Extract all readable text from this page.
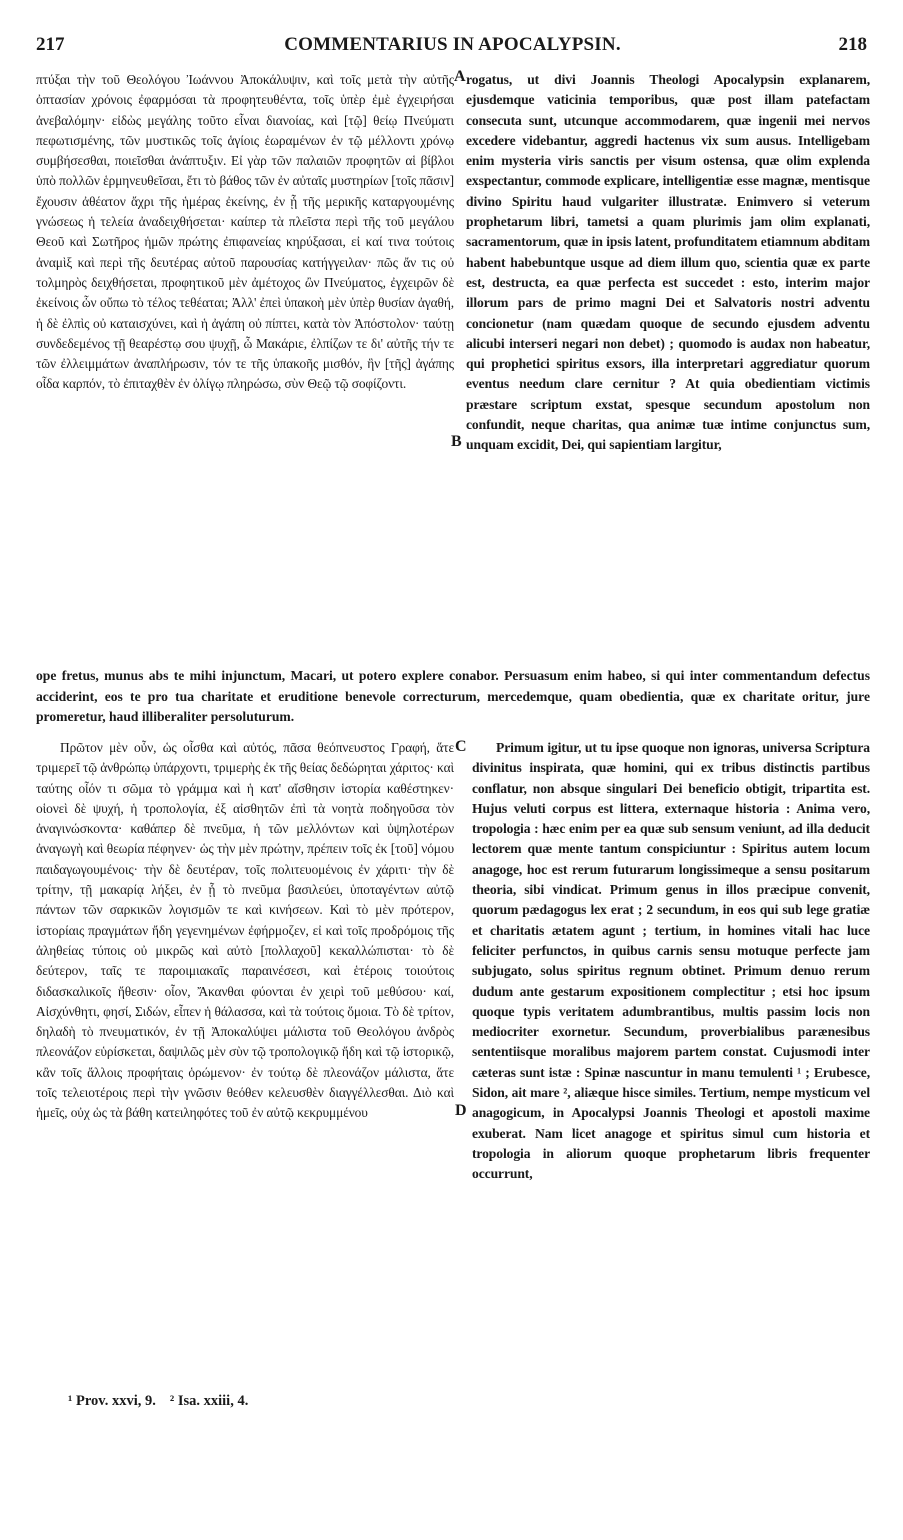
217	COMMENTARIUS IN APOCALYPSIN.	218
πτύξαι τὴν τοῦ Θεολόγου Ἰωάννου Ἀποκάλυψιν, καὶ τοῖς μετὰ τὴν αὐτῆς ὀπτασίαν χρόνοις ἐφαρμόσαι τὰ προφητευθέντα, τοῖς ὑπὲρ ἐμὲ ἐγχειρήσαι ἀνεβαλόμην· εἰδὼς μεγάλης τοῦτο εἶναι διανοίας, καὶ [τῷ] θείῳ Πνεύματι πεφωτισμένης, τῶν μυστικῶς τοῖς ἁγίοις ἑωραμένων ἐν τῷ μέλλοντι χρόνῳ συμβήσεσθαι, ποιεῖσθαι ἀνάπτυξιν. Εἰ γὰρ τῶν παλαιῶν προφητῶν αἱ βίβλοι ὑπὸ πολλῶν ἑρμηνευθεῖσαι, ἔτι τὸ βάθος τῶν ἐν αὐταῖς μυστηρίων [τοῖς πᾶσιν] ἔχουσιν ἀθέατον ἄχρι τῆς ἡμέρας ἐκείνης, ἐν ᾗ τῆς μερικῆς καταργουμένης γνώσεως ἡ τελεία ἀναδειχθήσεται· καίπερ τὰ πλεῖστα περὶ τῆς τοῦ μεγάλου Θεοῦ καὶ Σωτῆρος ἡμῶν πρώτης ἐπιφανείας κηρύξασαι, εἰ καί τινα τούτοις ἀναμὶξ καὶ περὶ τῆς δευτέρας αὐτοῦ παρουσίας κατήγγειλαν· πῶς ἄν τις οὐ τολμηρὸς δειχθήσεται, προφητικοῦ μὲν ἀμέτοχος ὢν Πνεύματος, ἐγχειρῶν δὲ ἐκείνοις ὧν οὔπω τὸ τέλος τεθέαται; Ἀλλ' ἐπεὶ ὑπακοὴ μὲν ὑπὲρ θυσίαν ἀγαθή, ἡ δὲ ἐλπὶς οὐ καταισχύνει, καὶ ἡ ἀγάπη οὐ πίπτει, κατὰ τὸν Ἀπόστολον· ταύτῃ συνδεδεμένος τῇ θεαρέστῳ σου ψυχῇ, ὦ Μακάριε, ἐλπίζων τε δι' αὐτῆς τήν τε τῶν ἐλλειμμάτων ἀναπλήρωσιν, τόν τε τῆς ὑπακοῆς μισθόν, ἣν [τῆς] ἀγάπης οἶδα καρπόν, τὸ ἐπιταχθὲν ἐν ὀλίγῳ πληρώσω, σὺν Θεῷ τῷ σοφίζοντι.
rogatus, ut divi Joannis Theologi Apocalypsin explanarem, ejusdemque vaticinia temporibus, quæ post illam patefactam consecuta sunt, utcunque accommodarem, quæ ingenii mei nervos excedere videbantur, aggredi hactenus vix sum ausus. Intelligebam enim mysteria viris sanctis per visum ostensa, quæ olim explenda exspectantur, commode explicare, intelligentiæ esse magnæ, mentisque divino Spiritu haud vulgariter illustratæ. Enimvero si veterum prophetarum libri, tametsi a quam plurimis jam olim explanati, sacramentorum, quæ in ipsis latent, profunditatem etiamnum abditam habent habebuntque usque ad diem illum quo, scientia quæ ex parte est, destructa, ea quæ perfecta est succedet : esto, interim major illorum pars de primo magni Dei et Salvatoris nostri adventu concionetur (nam quædam quoque de secundo ejusdem adventu alicubi interseri negari non debet) ; quomodo is audax non habeatur, qui prophetici spiritus exsors, illa interpretari aggrediatur quorum eventus needum clare cernitur ? At quia obedientiam victimis præstare scriptum exstat, spesque secundum apostolum non confundit, neque charitas, qua animæ tuæ intime conjunctus sum, unquam excidit, Dei, qui sapientiam largitur,
A
B
ope fretus, munus abs te mihi injunctum, Macari, ut potero explere conabor. Persuasum enim habeo, si qui inter commentandum defectus acciderint, eos te pro tua charitate et eruditione benevole correcturum, mercedemque, quam obedientia, quæ ex charitate oritur, jure promeretur, haud illiberaliter persoluturum.
Πρῶτον μὲν οὖν, ὡς οἶσθα καὶ αὐτός, πᾶσα θεόπνευστος Γραφή, ἅτε τριμερεῖ τῷ ἀνθρώπῳ ὑπάρχοντι, τριμερὴς ἐκ τῆς θείας δεδώρηται χάριτος· καὶ ταύτης οἷόν τι σῶμα τὸ γράμμα καὶ ἡ κατ' αἴσθησιν ἱστορία καθέστηκεν· οἱονεὶ δὲ ψυχή, ἡ τροπολογία, ἐξ αἰσθητῶν ἐπὶ τὰ νοητὰ ποδηγοῦσα τὸν ἀναγινώσκοντα· καθάπερ δὲ πνεῦμα, ἡ τῶν μελλόντων καὶ ὑψηλοτέρων ἀναγωγὴ καὶ θεωρία πέφηνεν· ὡς τὴν μὲν πρώτην, πρέπειν τοῖς ἐκ [τοῦ] νόμου παιδαγωγουμένοις· τὴν δὲ δευτέραν, τοῖς πολιτευομένοις ἐν χάριτι· τὴν δὲ τρίτην, τῇ μακαρίᾳ λήξει, ἐν ᾗ τὸ πνεῦμα βασιλεύει, ὑποταγέντων αὐτῷ πάντων τῶν σαρκικῶν λογισμῶν τε καὶ κινήσεων. Καὶ τὸ μὲν πρότερον, ἱστορίαις πραγμάτων ἤδη γεγενημένων ἐφήρμοζεν, εἰ καὶ τοῖς προδρόμοις τῆς ἀληθείας τύποις οὐ μικρῶς καὶ αὐτὸ [πολλαχοῦ] κεκαλλώπισται· τὸ δὲ δεύτερον, ταῖς τε παροιμιακαῖς παραινέσεσι, καὶ ἑτέροις τοιούτοις διδασκαλικοῖς ἤθεσιν· οἷον, Ἄκανθαι φύονται ἐν χειρὶ τοῦ μεθύσου· καί, Αἰσχύνθητι, φησί, Σιδών, εἶπεν ἡ θάλασσα, καὶ τὰ τούτοις ὅμοια. Τὸ δὲ τρίτον, δηλαδὴ τὸ πνευματικόν, ἐν τῇ Ἀποκαλύψει μάλιστα τοῦ Θεολόγου ἀνδρὸς πλεονάζον εὑρίσκεται, δαψιλῶς μὲν σὺν τῷ τροπολογικῷ ἤδη καὶ τῷ ἱστορικῷ, κἂν τοῖς ἄλλοις προφήταις ὁρώμενον· ἐν τούτῳ δὲ πλεονάζον μάλιστα, ἅτε τοῖς τελειοτέροις περὶ τὴν γνῶσιν θεόθεν κελευσθὲν διαγγέλλεσθαι. Διὸ καὶ ἡμεῖς, οὐχ ὡς τὰ βάθη κατειληφότες τοῦ ἐν αὐτῷ κεκρυμμένου
Primum igitur, ut tu ipse quoque non ignoras, universa Scriptura divinitus inspirata, quæ homini, qui ex tribus distinctis partibus conflatur, non absque singulari Dei beneficio obtigit, tripartita est. Hujus veluti corpus est littera, externaque historia : Anima vero, tropologia : hæc enim per ea quæ sub sensum veniunt, ad illa deducit lectorem quæ mente tantum conspiciuntur : Spiritus autem locum anagoge, hoc est rerum futurarum longissimeque a sensu positarum theoria, sibi vindicat. Primum genus in illos præcipue convenit, quorum pædagogus lex erat ; 2 secundum, in eos qui sub lege gratiæ et charitatis ætatem agunt ; tertium, in homines vitali hac luce feliciter perfunctos, in quibus carnis sensu motuque perfecte jam subjugato, solus spiritus regnum obtinet. Primum denuo rerum dudum ante gestarum expositionem complectitur ; etsi hoc ipsum quoque typis veritatem adumbrantibus, multis passim locis non mediocriter exornetur. Secundum, proverbialibus parænesibus sententiisque moralibus majorem partem constat. Cujusmodi inter cæteras sunt istæ : Spinæ nascuntur in manu temulenti ¹ ; Erubesce, Sidon, ait mare ², aliæque hisce similes. Tertium, nempe mysticum vel anagogicum, in Apocalypsi Joannis Theologi et apostoli maxime exuberat. Nam licet anagoge et spiritus simul cum historia et tropologia in aliorum quoque prophetarum libris frequenter occurrunt,
C
D
¹ Prov. xxvi, 9. ² Isa. xxiii, 4.
